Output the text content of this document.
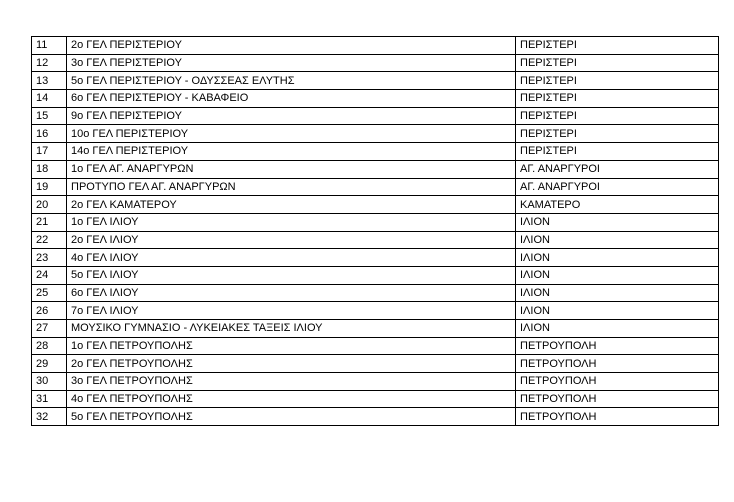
11	2ο ΓΕΛ ΠΕΡΙΣΤΕΡΙΟΥ	ΠΕΡΙΣΤΕΡΙ
12	3ο ΓΕΛ ΠΕΡΙΣΤΕΡΙΟΥ	ΠΕΡΙΣΤΕΡΙ
13	5ο ΓΕΛ ΠΕΡΙΣΤΕΡΙΟΥ - ΟΔΥΣΣΕΑΣ ΕΛΥΤΗΣ	ΠΕΡΙΣΤΕΡΙ
14	6ο ΓΕΛ ΠΕΡΙΣΤΕΡΙΟΥ - ΚΑΒΑΦΕΙΟ	ΠΕΡΙΣΤΕΡΙ
15	9ο ΓΕΛ ΠΕΡΙΣΤΕΡΙΟΥ	ΠΕΡΙΣΤΕΡΙ
16	10ο ΓΕΛ ΠΕΡΙΣΤΕΡΙΟΥ	ΠΕΡΙΣΤΕΡΙ
17	14ο ΓΕΛ ΠΕΡΙΣΤΕΡΙΟΥ	ΠΕΡΙΣΤΕΡΙ
18	1ο ΓΕΛ ΑΓ. ΑΝΑΡΓΥΡΩΝ	ΑΓ. ΑΝΑΡΓΥΡΟΙ
19	ΠΡΟΤΥΠΟ ΓΕΛ ΑΓ. ΑΝΑΡΓΥΡΩΝ	ΑΓ. ΑΝΑΡΓΥΡΟΙ
20	2ο ΓΕΛ ΚΑΜΑΤΕΡΟΥ	ΚΑΜΑΤΕΡΟ
21	1ο ΓΕΛ ΙΛΙΟΥ	ΙΛΙΟΝ
22	2ο ΓΕΛ ΙΛΙΟΥ	ΙΛΙΟΝ
23	4ο ΓΕΛ ΙΛΙΟΥ	ΙΛΙΟΝ
24	5ο ΓΕΛ ΙΛΙΟΥ	ΙΛΙΟΝ
25	6ο ΓΕΛ ΙΛΙΟΥ	ΙΛΙΟΝ
26	7ο ΓΕΛ ΙΛΙΟΥ	ΙΛΙΟΝ
27	ΜΟΥΣΙΚΟ ΓΥΜΝΑΣΙΟ - ΛΥΚΕΙΑΚΕΣ ΤΑΞΕΙΣ ΙΛΙΟΥ	ΙΛΙΟΝ
28	1ο ΓΕΛ ΠΕΤΡΟΥΠΟΛΗΣ	ΠΕΤΡΟΥΠΟΛΗ
29	2ο ΓΕΛ ΠΕΤΡΟΥΠΟΛΗΣ	ΠΕΤΡΟΥΠΟΛΗ
30	3ο ΓΕΛ ΠΕΤΡΟΥΠΟΛΗΣ	ΠΕΤΡΟΥΠΟΛΗ
31	4ο ΓΕΛ ΠΕΤΡΟΥΠΟΛΗΣ	ΠΕΤΡΟΥΠΟΛΗ
32	5ο ΓΕΛ ΠΕΤΡΟΥΠΟΛΗΣ	ΠΕΤΡΟΥΠΟΛΗ
